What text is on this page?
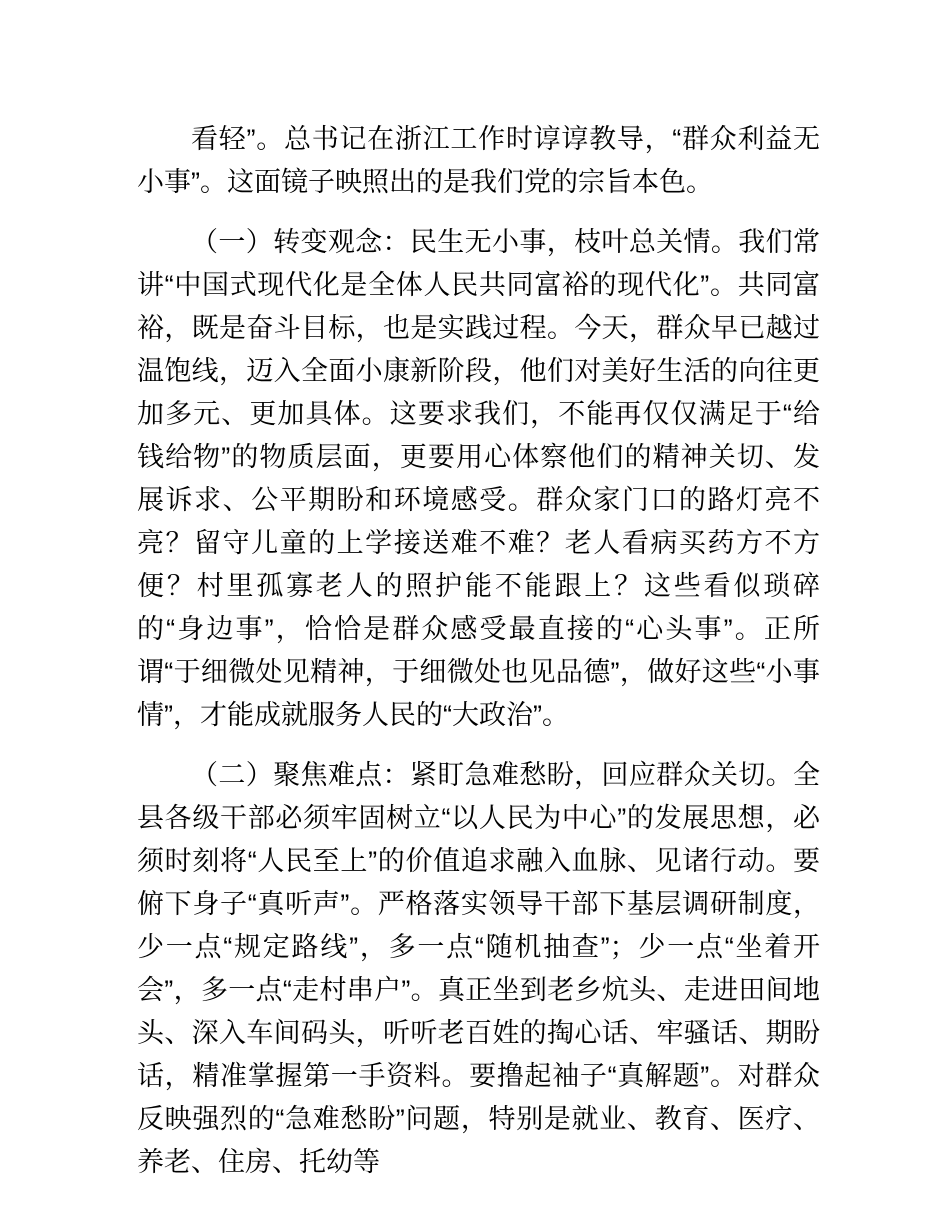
看轻”。总书记在浙江工作时谆谆教导，“群众利益无小事”。这面镜子映照出的是我们党的宗旨本色。

（一）转变观念：民生无小事，枝叶总关情。我们常讲“中国式现代化是全体人民共同富裕的现代化”。共同富裕，既是奋斗目标，也是实践过程。今天，群众早已越过温饱线，迈入全面小康新阶段，他们对美好生活的向往更加多元、更加具体。这要求我们，不能再仅仅满足于“给钱给物”的物质层面，更要用心体察他们的精神关切、发展诉求、公平期盼和环境感受。群众家门口的路灯亮不亮？留守儿童的上学接送难不难？老人看病买药方不方便？村里孤寡老人的照护能不能跟上？这些看似琐碎的“身边事”，恰恰是群众感受最直接的“心头事”。正所谓“于细微处见精神，于细微处也见品德”，做好这些“小事情”，才能成就服务人民的“大政治”。

（二）聚焦难点：紧盯急难愁盼，回应群众关切。全县各级干部必须牢固树立“以人民为中心”的发展思想，必须时刻将“人民至上”的价值追求融入血脉、见诸行动。要俯下身子“真听声”。严格落实领导干部下基层调研制度，少一点“规定路线”，多一点“随机抽查”；少一点“坐着开会”，多一点“走村串户”。真正坐到老乡炕头、走进田间地头、深入车间码头，听听老百姓的掏心话、牢骚话、期盼话，精准掌握第一手资料。要撸起袖子“真解题”。对群众反映强烈的“急难愁盼”问题，特别是就业、教育、医疗、养老、住房、托幼等
